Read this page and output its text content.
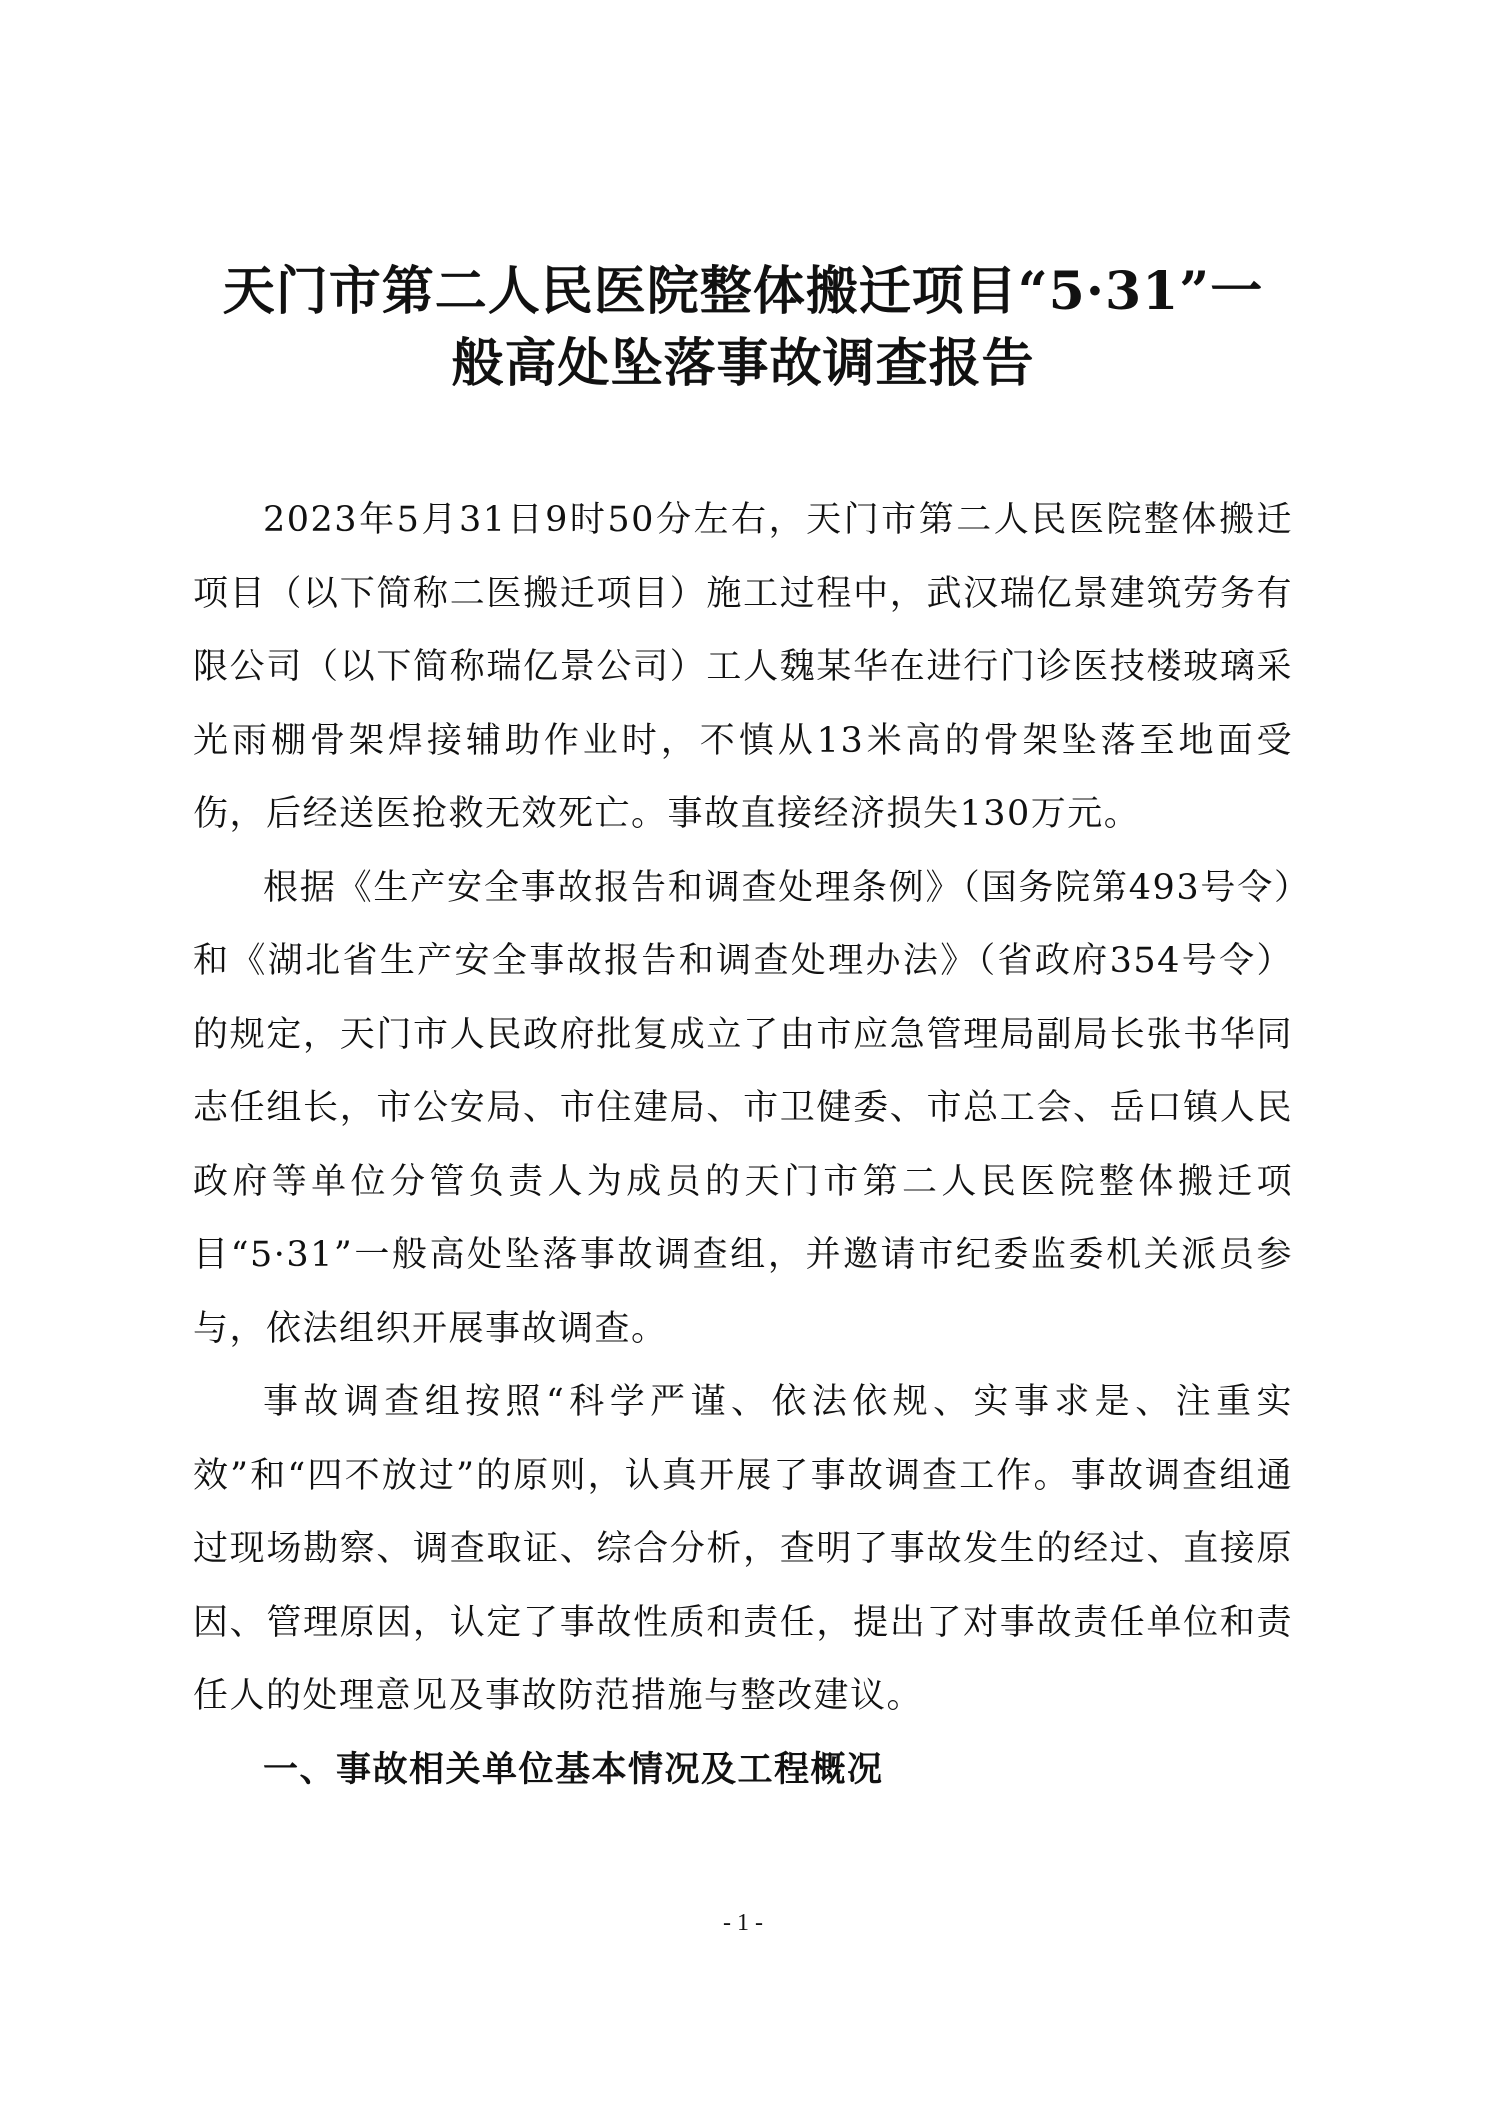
天门市第二人民医院整体搬迁项目“5·31”一
般高处坠落事故调查报告

2023年5月31日9时50分左右，天门市第二人民医院整体搬迁项目（以下简称二医搬迁项目）施工过程中，武汉瑞亿景建筑劳务有限公司（以下简称瑞亿景公司）工人魏某华在进行门诊医技楼玻璃采光雨棚骨架焊接辅助作业时，不慎从13米高的骨架坠落至地面受伤，后经送医抢救无效死亡。事故直接经济损失130万元。

根据《生产安全事故报告和调查处理条例》（国务院第493号令）和《湖北省生产安全事故报告和调查处理办法》（省政府354号令）的规定，天门市人民政府批复成立了由市应急管理局副局长张书华同志任组长，市公安局、市住建局、市卫健委、市总工会、岳口镇人民政府等单位分管负责人为成员的天门市第二人民医院整体搬迁项目“5·31”一般高处坠落事故调查组，并邀请市纪委监委机关派员参与，依法组织开展事故调查。

事故调查组按照“科学严谨、依法依规、实事求是、注重实效”和“四不放过”的原则，认真开展了事故调查工作。事故调查组通过现场勘察、调查取证、综合分析，查明了事故发生的经过、直接原因、管理原因，认定了事故性质和责任，提出了对事故责任单位和责任人的处理意见及事故防范措施与整改建议。

一、事故相关单位基本情况及工程概况

- 1 -
